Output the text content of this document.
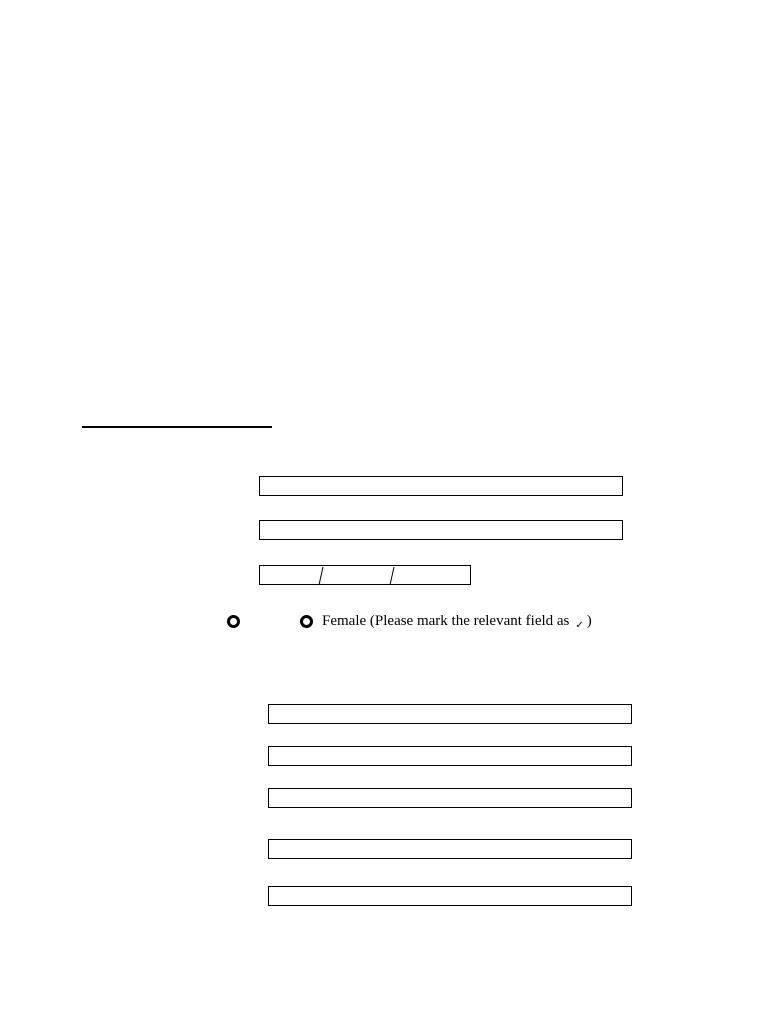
Female (Please mark the relevant field as ✓ )
